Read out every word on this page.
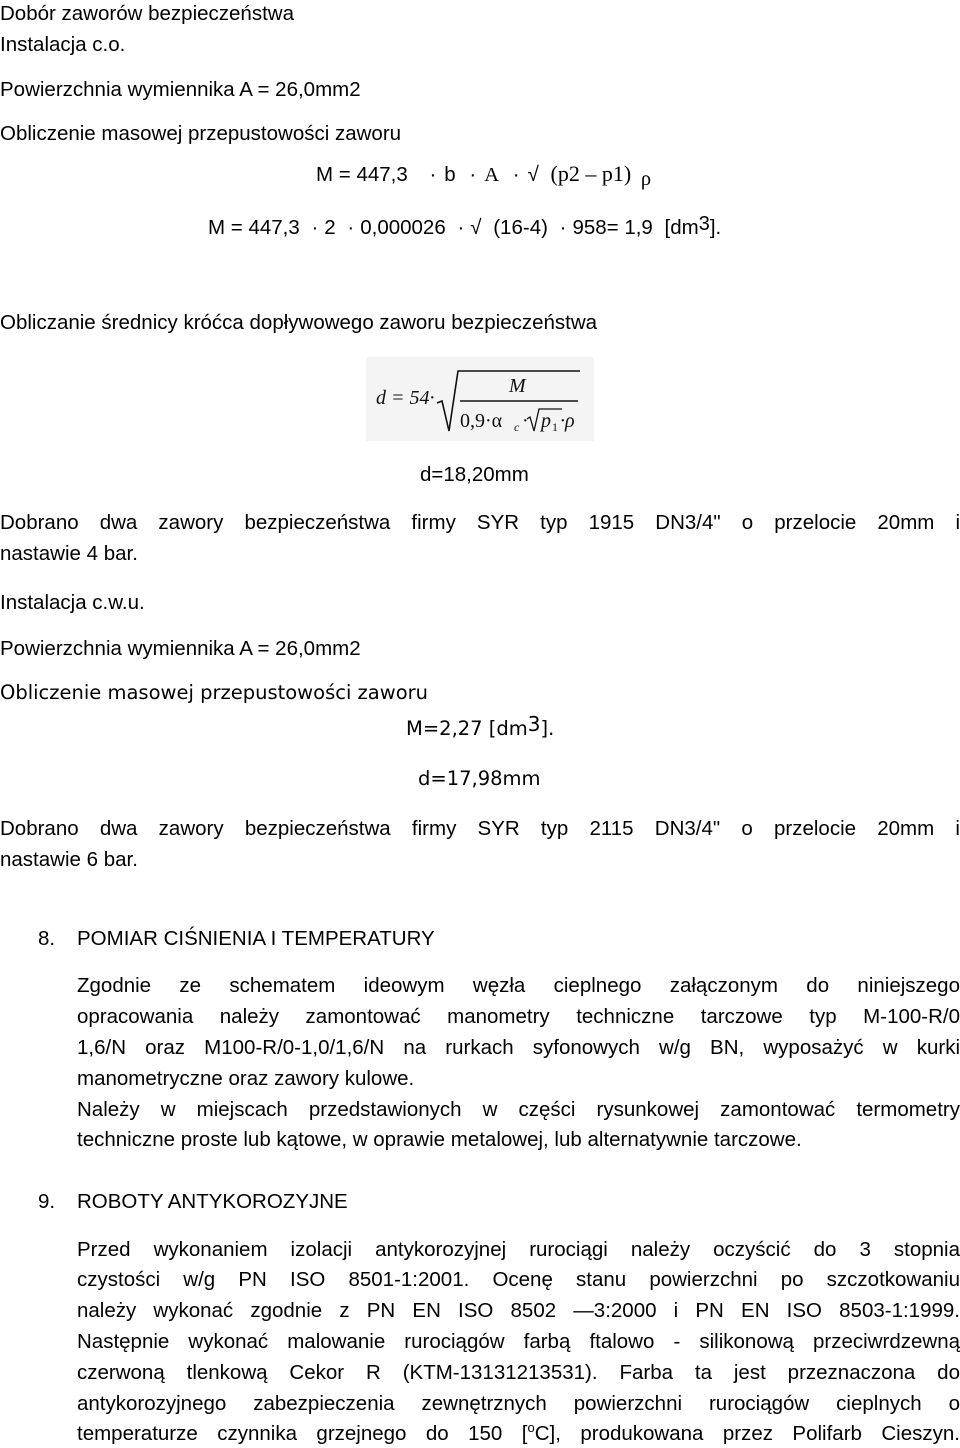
Dobór zaworów bezpieczeństwa
Instalacja c.o.
Powierzchnia wymiennika A = 26,0mm2
Obliczenie masowej przepustowości zaworu
M = 447,3 · b · A · √ (p2 – p1) ρ
M = 447,3 · 2 · 0,000026 · √ (16-4) · 958= 1,9 [dm3].
Obliczanie średnicy króćca dopływowego zaworu bezpieczeństwa
d = 54·
M
0,9·α c · p 1 ·ρ
d=18,20mm
Dobrano dwa zawory bezpieczeństwa firmy SYR typ 1915 DN3/4" o przelocie 20mm i
nastawie 4 bar.
Instalacja c.w.u.
Powierzchnia wymiennika A = 26,0mm2
Obliczenie masowej przepustowości zaworu
M=2,27 [dm3].
d=17,98mm
Dobrano dwa zawory bezpieczeństwa firmy SYR typ 2115 DN3/4" o przelocie 20mm i
nastawie 6 bar.
8. POMIAR CIŚNIENIA I TEMPERATURY
Zgodnie ze schematem ideowym węzła cieplnego załączonym do niniejszego
opracowania należy zamontować manometry techniczne tarczowe typ M-100-R/0
1,6/N oraz M100-R/0-1,0/1,6/N na rurkach syfonowych w/g BN, wyposażyć w kurki
manometryczne oraz zawory kulowe.
Należy w miejscach przedstawionych w części rysunkowej zamontować termometry
techniczne proste lub kątowe, w oprawie metalowej, lub alternatywnie tarczowe.
9. ROBOTY ANTYKOROZYJNE
Przed wykonaniem izolacji antykorozyjnej rurociągi należy oczyścić do 3 stopnia
czystości w/g PN ISO 8501-1:2001. Ocenę stanu powierzchni po szczotkowaniu
należy wykonać zgodnie z PN EN ISO 8502 —3:2000 i PN EN ISO 8503-1:1999.
Następnie wykonać malowanie rurociągów farbą ftalowo - silikonową przeciwrdzewną
czerwoną tlenkową Cekor R (KTM-13131213531). Farba ta jest przeznaczona do
antykorozyjnego zabezpieczenia zewnętrznych powierzchni rurociągów cieplnych o
temperaturze czynnika grzejnego do 150 [$^o$C], produkowana przez Polifarb Cieszyn.
